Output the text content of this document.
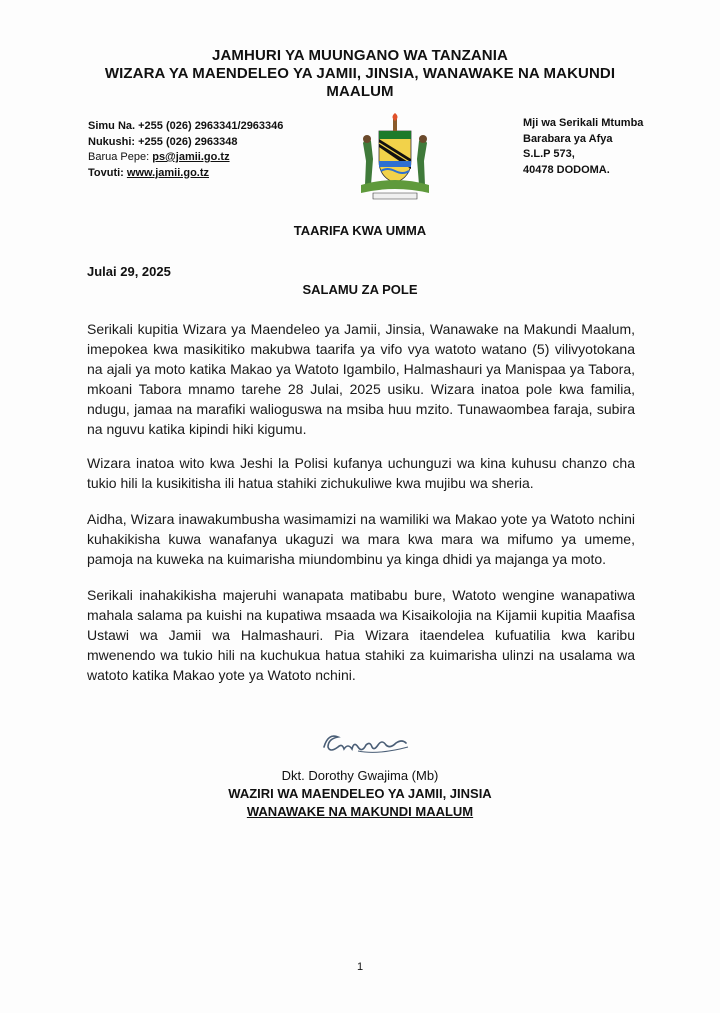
JAMHURI YA MUUNGANO WA TANZANIA
WIZARA YA MAENDELEO YA JAMII, JINSIA, WANAWAKE NA MAKUNDI
MAALUM
Simu Na. +255 (026) 2963341/2963346
Nukushi: +255 (026) 2963348
Barua Pepe: ps@jamii.go.tz
Tovuti: www.jamii.go.tz
Mji wa Serikali Mtumba
Barabara ya Afya
S.L.P 573,
40478 DODOMA.
TAARIFA KWA UMMA
Julai 29, 2025
SALAMU ZA POLE
Serikali kupitia Wizara ya Maendeleo ya Jamii, Jinsia, Wanawake na Makundi Maalum, imepokea kwa masikitiko makubwa taarifa ya vifo vya watoto watano (5) vilivyotokana na ajali ya moto katika Makao ya Watoto Igambilo, Halmashauri ya Manispaa ya Tabora, mkoani Tabora mnamo tarehe 28 Julai, 2025 usiku. Wizara inatoa pole kwa familia, ndugu, jamaa na marafiki walioguswa na msiba huu mzito. Tunawaombea faraja, subira na nguvu katika kipindi hiki kigumu.
Wizara inatoa wito kwa Jeshi la Polisi kufanya uchunguzi wa kina kuhusu chanzo cha tukio hili la kusikitisha ili hatua stahiki zichukuliwe kwa mujibu wa sheria.
Aidha, Wizara inawakumbusha wasimamizi na wamiliki wa Makao yote ya Watoto nchini kuhakikisha kuwa wanafanya ukaguzi wa mara kwa mara wa mifumo ya umeme, pamoja na kuweka na kuimarisha miundombinu ya kinga dhidi ya majanga ya moto.
Serikali inahakikisha majeruhi wanapata matibabu bure, Watoto wengine wanapatiwa mahala salama pa kuishi na kupatiwa msaada wa Kisaikolojia na Kijamii kupitia Maafisa Ustawi wa Jamii wa Halmashauri. Pia Wizara itaendelea kufuatilia kwa karibu mwenendo wa tukio hili na kuchukua hatua stahiki za kuimarisha ulinzi na usalama wa watoto katika Makao yote ya Watoto nchini.
Dkt. Dorothy Gwajima (Mb)
WAZIRI WA MAENDELEO YA JAMII, JINSIA
WANAWAKE NA MAKUNDI MAALUM
1
